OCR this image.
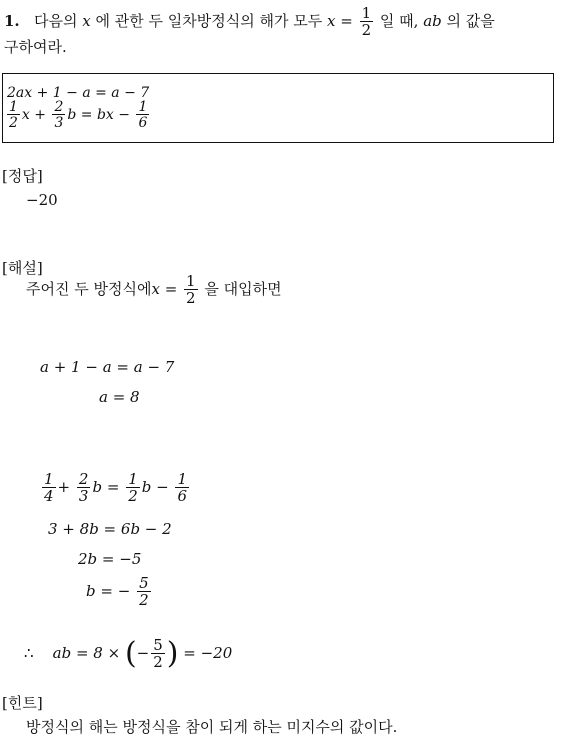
1. 다음의 x 에 관한 두 일차방정식의 해가 모두 $x = \frac{1}{2}$ 일 때, ab 의 값을
구하여라.
2ax + 1 − a = a − 7
$\frac{1}{2}$ $x + \frac{2}{3}$ b = bx − $\frac{1}{6}$
[정답]
−20
[해설]
주어진 두 방정식에$x = \frac{1}{2}$ 을 대입하면
a + 1 − a = a − 7
a = 8
$\frac{1}{4} + \frac{2}{3}$ $b = \frac{1}{2}$ $b - \frac{1}{6}$
3 + 8b = 6b − 2
2b = −5
b = − $\frac{5}{2}$
∴ ab = 8 × (− $\frac{5}{2}$ ) = −20
[힌트]
방정식의 해는 방정식을 참이 되게 하는 미지수의 값이다.
